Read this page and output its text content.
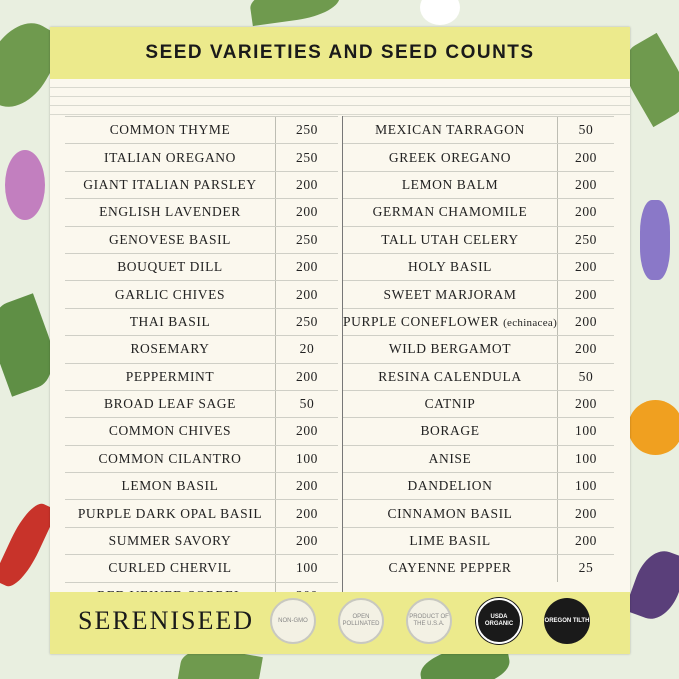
SEED VARIETIES AND SEED COUNTS
COMMON THYME	250
ITALIAN OREGANO	250
GIANT ITALIAN PARSLEY	200
ENGLISH LAVENDER	200
GENOVESE BASIL	250
BOUQUET DILL	200
GARLIC CHIVES	200
THAI BASIL	250
ROSEMARY	20
PEPPERMINT	200
BROAD LEAF SAGE	50
COMMON CHIVES	200
COMMON CILANTRO	100
LEMON BASIL	200
PURPLE DARK OPAL BASIL	200
SUMMER SAVORY	200
CURLED CHERVIL	100
MEXICAN TARRAGON	50
GREEK OREGANO	200
LEMON BALM	200
GERMAN CHAMOMILE	200
TALL UTAH CELERY	250
HOLY BASIL	200
SWEET MARJORAM	200
PURPLE CONEFLOWER (echinacea)	200
WILD BERGAMOT	200
RESINA CALENDULA	50
CATNIP	200
BORAGE	100
ANISE	100
DANDELION	100
CINNAMON BASIL	200
LIME BASIL	200
CAYENNE PEPPER	25
SERENISEED	NON-GMO
OPEN POLLINATED
PRODUCT OF THE U.S.A.
USDA ORGANIC
OREGON TILTH
